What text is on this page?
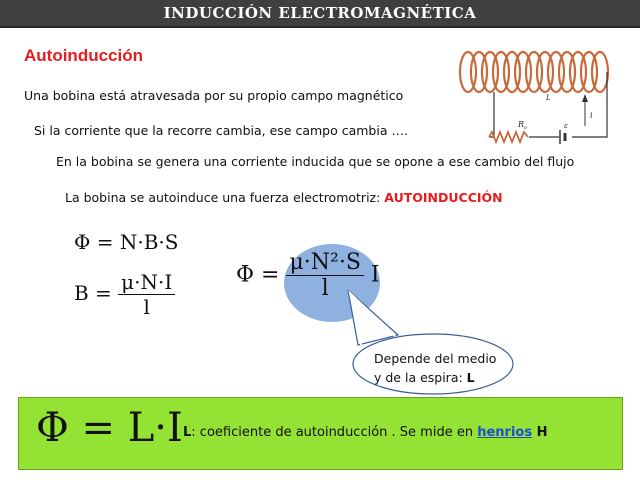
INDUCCIÓN ELECTROMAGNÉTICA
Autoinducción
Una bobina está atravesada por su propio campo magnético
Si la corriente que la recorre cambia, ese campo cambia ….
En la bobina se genera una corriente inducida que se opone a ese cambio del flujo
La bobina se autoinduce una fuerza electromotriz: AUTOINDUCCIÓN
L
R o	ε
i
Φ = N·B·S
$B = \frac{\mu\cdot N\cdot I}{l}$	$\Phi = \frac{\text{μ·N²·S}}{l}$ I
Depende del medio
y de la espira: L
Φ = L·I L: coeficiente de autoinducción . Se mide en henrios H
